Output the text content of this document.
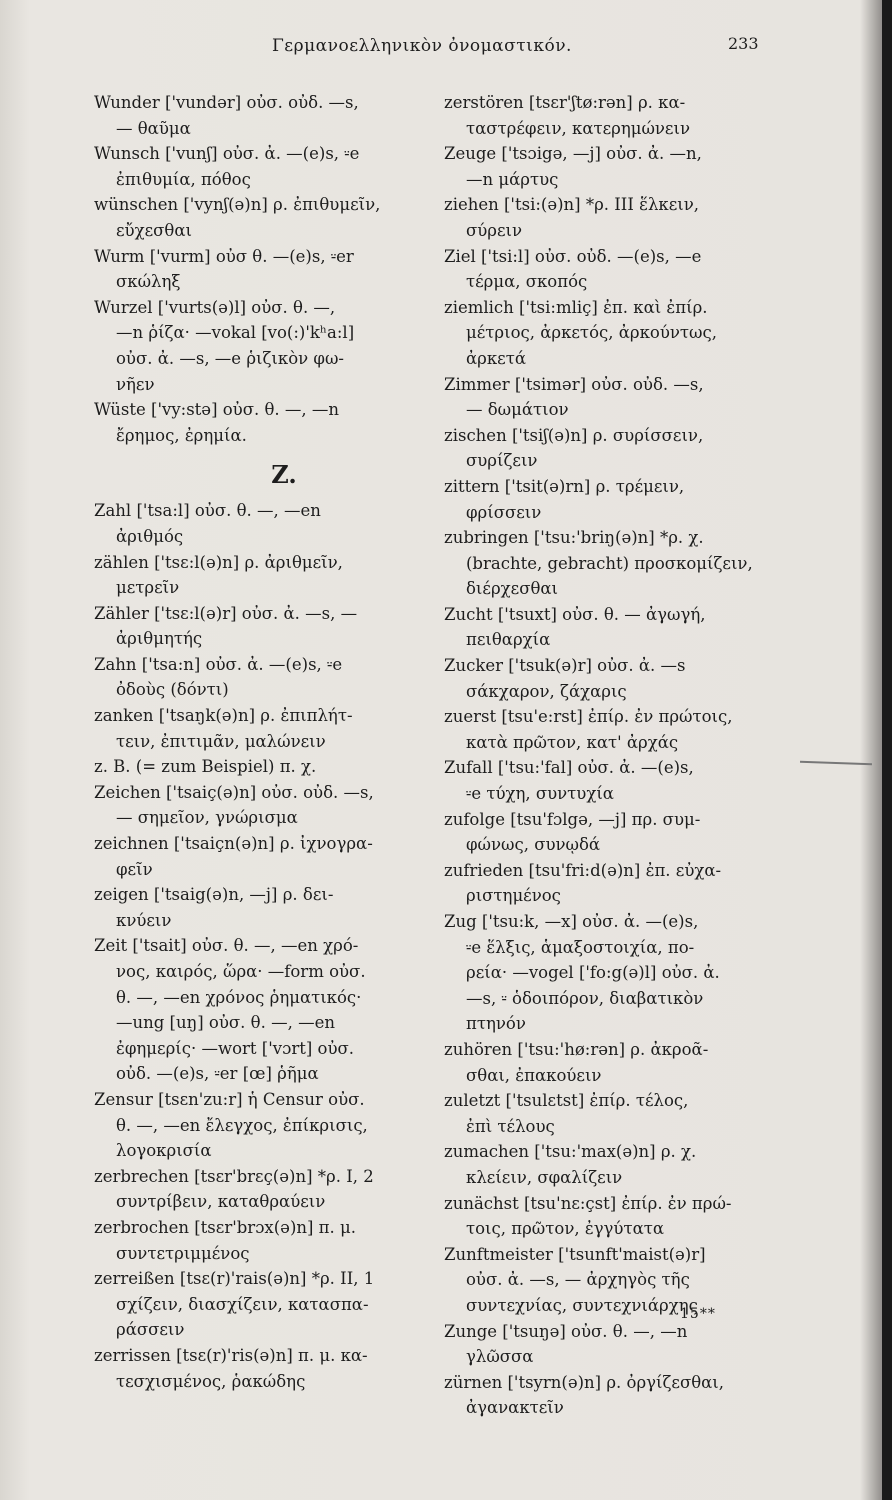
Γερμανοελληνικὸν ὀνομαστικόν.	233
Wunder ['vundər] οὐσ. οὐδ. —s,
— θαῦμα
Wunsch ['vunʃ] οὐσ. ἀ. —(e)s, ⸚e
ἐπιθυμία, πόθος
wünschen ['vynʃ(ə)n] ρ. ἐπιθυμεῖν,
εὔχεσθαι
Wurm ['vurm] οὐσ θ. —(e)s, ⸚er
σκώληξ
Wurzel ['vurts(ə)l] οὐσ. θ. —,
—n ῥίζα· —vokal [vo(:)'kʰa:l]
οὐσ. ἀ. —s, —e ῥιζικὸν φω-
νῆεν
Wüste ['vy:stə] οὐσ. θ. —, —n
ἔρημος, ἐρημία.
Z.
Zahl ['tsa:l] οὐσ. θ. —, —en
ἀριθμός
zählen ['tsɛ:l(ə)n] ρ. ἀριθμεῖν,
μετρεῖν
Zähler ['tsɛ:l(ə)r] οὐσ. ἀ. —s, —
ἀριθμητής
Zahn ['tsa:n] οὐσ. ἀ. —(e)s, ⸚e
ὀδοὺς (δόντι)
zanken ['tsaŋk(ə)n] ρ. ἐπιπλήτ-
τειν, ἐπιτιμᾶν, μαλώνειν
z. B. (= zum Beispiel) π. χ.
Zeichen ['tsaiç(ə)n] οὐσ. οὐδ. —s,
— σημεῖον, γνώρισμα
zeichnen ['tsaiçn(ə)n] ρ. ἰχνογρα-
φεῖν
zeigen ['tsaig(ə)n, —j] ρ. δει-
κνύειν
Zeit ['tsait] οὐσ. θ. —, —en χρό-
νος, καιρός, ὥρα· —form οὐσ.
θ. —, —en χρόνος ῥηματικός·
—ung [uŋ] οὐσ. θ. —, —en
ἐφημερίς· —wort ['vɔrt] οὐσ.
οὐδ. —(e)s, ⸚er [œ] ῥῆμα
Zensur [tsɛn'zu:r] ἡ Censur οὐσ.
θ. —, —en ἔλεγχος, ἐπίκρισις,
λογοκρισία
zerbrechen [tsɛr'brɛç(ə)n] *ρ. I, 2
συντρίβειν, καταθραύειν
zerbrochen [tsɛr'brɔx(ə)n] π. μ.
συντετριμμένος
zerreißen [tsɛ(r)'rais(ə)n] *ρ. II, 1
σχίζειν, διασχίζειν, κατασπα-
ράσσειν
zerrissen [tsɛ(r)'ris(ə)n] π. μ. κα-
τεσχισμένος, ῥακώδης
zerstören [tsɛr'ʃtø:rən] ρ. κα-
ταστρέφειν, κατερημώνειν
Zeuge ['tsɔigə, —j] οὐσ. ἀ. —n,
—n μάρτυς
ziehen ['tsi:(ə)n] *ρ. III ἕλκειν,
σύρειν
Ziel ['tsi:l] οὐσ. οὐδ. —(e)s, —e
τέρμα, σκοπός
ziemlich ['tsi:mliç] ἐπ. καὶ ἐπίρ.
μέτριος, ἀρκετός, ἀρκούντως,
ἀρκετά
Zimmer ['tsimər] οὐσ. οὐδ. —s,
— δωμάτιον
zischen ['tsiʃ(ə)n] ρ. συρίσσειν,
συρίζειν
zittern ['tsit(ə)rn] ρ. τρέμειν,
φρίσσειν
zubringen ['tsu:'briŋ(ə)n] *ρ. χ.
(brachte, gebracht) προσκομίζειν,
διέρχεσθαι
Zucht ['tsuxt] οὐσ. θ. — ἀγωγή,
πειθαρχία
Zucker ['tsuk(ə)r] οὐσ. ἀ. —s
σάκχαρον, ζάχαρις
zuerst [tsu'e:rst] ἐπίρ. ἐν πρώτοις,
κατὰ πρῶτον, κατ' ἀρχάς
Zufall ['tsu:'fal] οὐσ. ἀ. —(e)s,
⸚e τύχη, συντυχία
zufolge [tsu'fɔlgə, —j] πρ. συμ-
φώνως, συνῳδά
zufrieden [tsu'fri:d(ə)n] ἐπ. εὐχα-
ριστημένος
Zug ['tsu:k, —x] οὐσ. ἀ. —(e)s,
⸚e ἕλξις, ἁμαξοστοιχία, πο-
ρεία· —vogel ['fo:g(ə)l] οὐσ. ἀ.
—s, ⸚ ὁδοιπόρον, διαβατικὸν
πτηνόν
zuhören ['tsu:'hø:rən] ρ. ἀκροᾶ-
σθαι, ἐπακούειν
zuletzt ['tsulɛtst] ἐπίρ. τέλος,
ἐπὶ τέλους
zumachen ['tsu:'max(ə)n] ρ. χ.
κλείειν, σφαλίζειν
zunächst [tsu'nɛ:çst] ἐπίρ. ἐν πρώ-
τοις, πρῶτον, ἐγγύτατα
Zunftmeister ['tsunft'maist(ə)r]
οὐσ. ἀ. —s, — ἀρχηγὸς τῆς
συντεχνίας, συντεχνιάρχης
Zunge ['tsuŋə] οὐσ. θ. —, —n
γλῶσσα
zürnen ['tsyrn(ə)n] ρ. ὀργίζεσθαι,
ἀγανακτεῖν
15**
